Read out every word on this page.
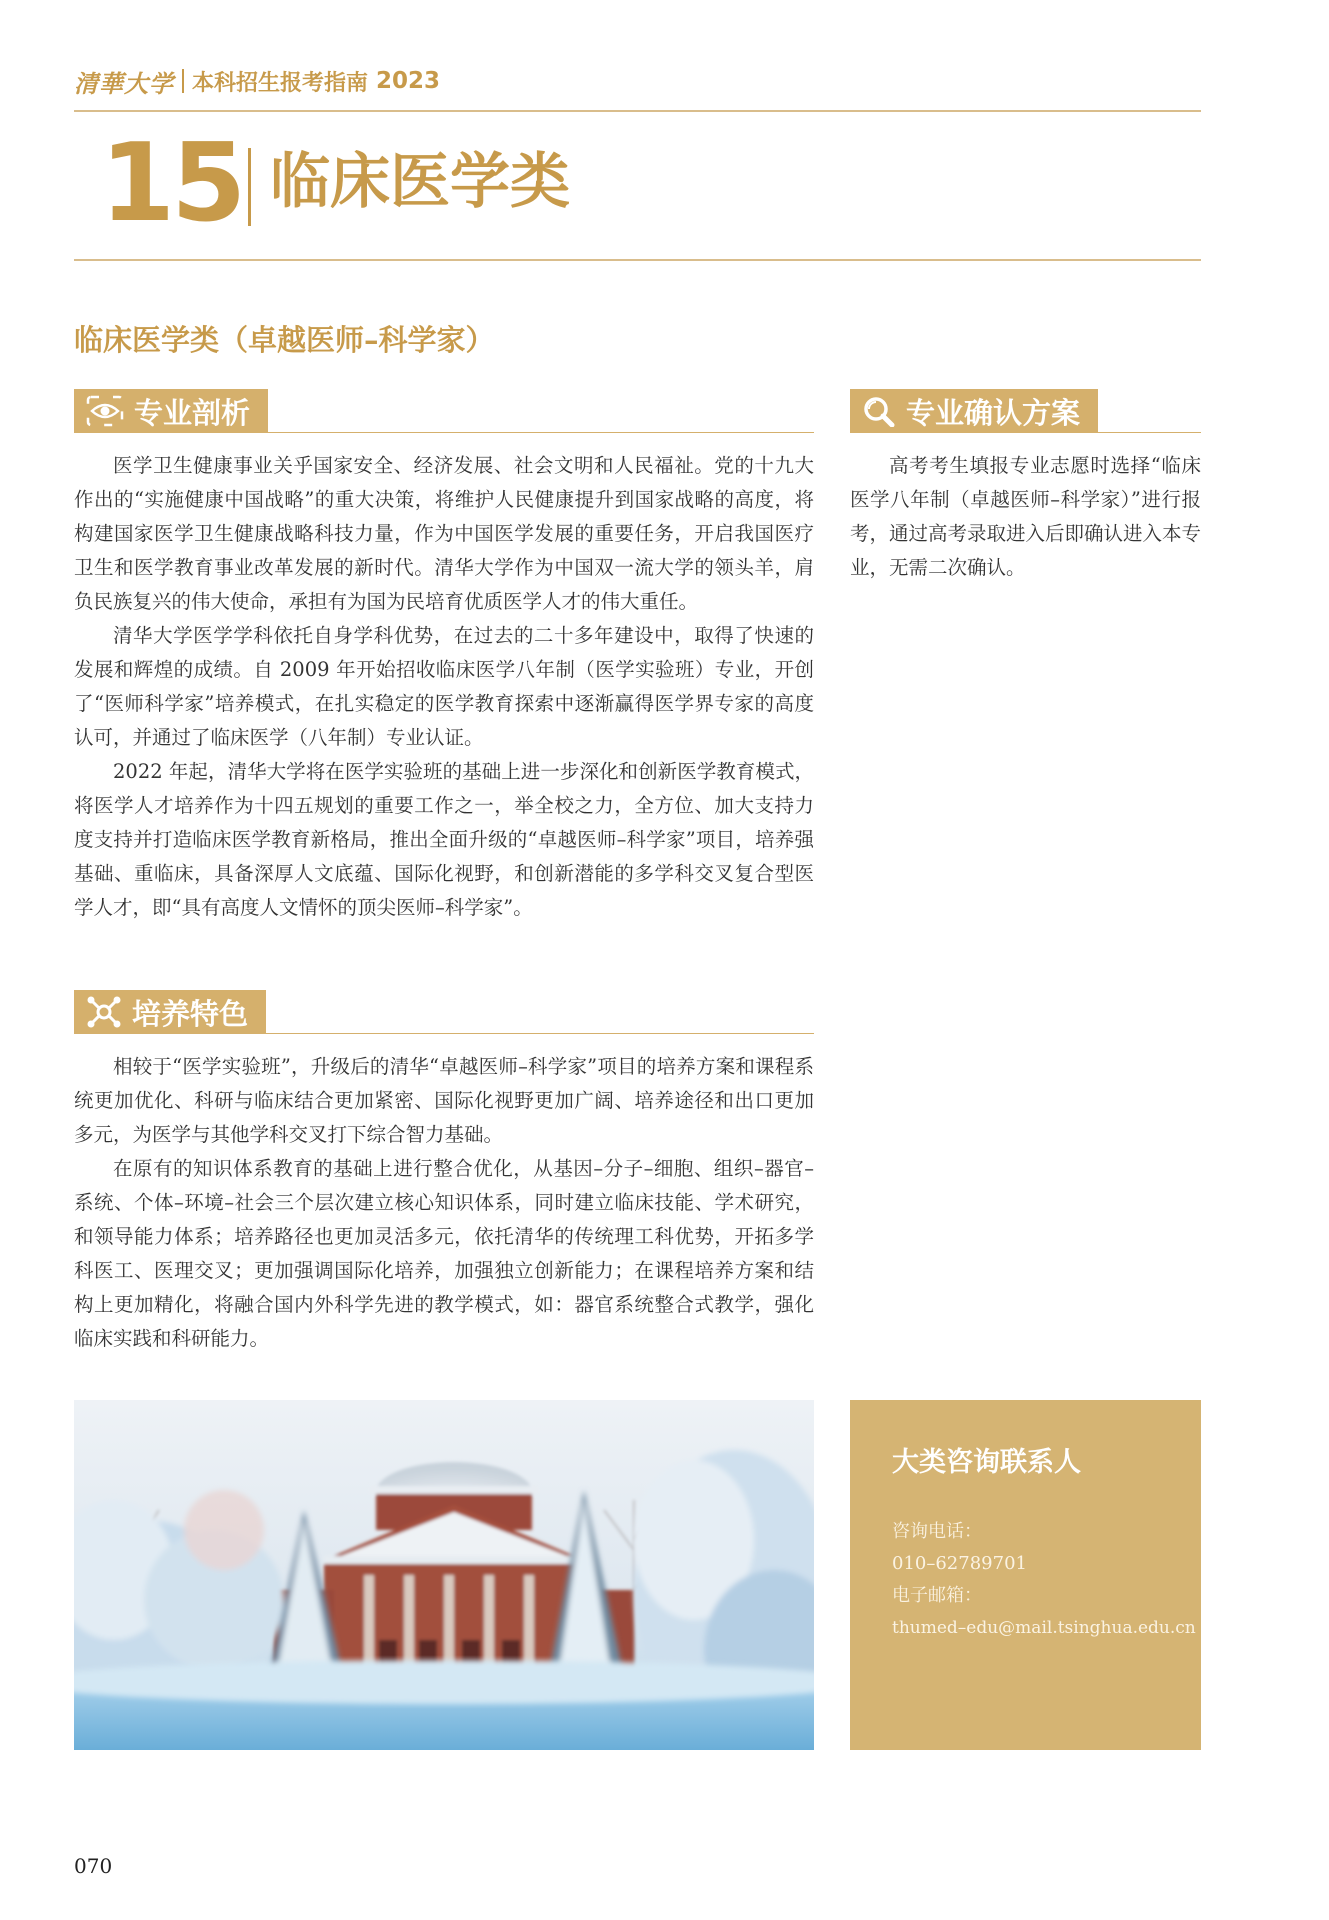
清華大学 本科招生报考指南 2023
15 临床医学类
临床医学类（卓越医师–科学家）
专业剖析

医学卫生健康事业关乎国家安全、经济发展、社会文明和人民福祉。党的十九大作出的“实施健康中国战略”的重大决策，将维护人民健康提升到国家战略的高度，将构建国家医学卫生健康战略科技力量，作为中国医学发展的重要任务，开启我国医疗卫生和医学教育事业改革发展的新时代。清华大学作为中国双一流大学的领头羊，肩负民族复兴的伟大使命，承担有为国为民培育优质医学人才的伟大重任。

清华大学医学学科依托自身学科优势，在过去的二十多年建设中，取得了快速的发展和辉煌的成绩。自 2009 年开始招收临床医学八年制（医学实验班）专业，开创了“医师科学家”培养模式，在扎实稳定的医学教育探索中逐渐赢得医学界专家的高度认可，并通过了临床医学（八年制）专业认证。

2022 年起，清华大学将在医学实验班的基础上进一步深化和创新医学教育模式，将医学人才培养作为十四五规划的重要工作之一，举全校之力，全方位、加大支持力度支持并打造临床医学教育新格局，推出全面升级的“卓越医师–科学家”项目，培养强基础、重临床，具备深厚人文底蕴、国际化视野，和创新潜能的多学科交叉复合型医学人才，即“具有高度人文情怀的顶尖医师–科学家”。

培养特色

相较于“医学实验班”，升级后的清华“卓越医师–科学家”项目的培养方案和课程系统更加优化、科研与临床结合更加紧密、国际化视野更加广阔、培养途径和出口更加多元，为医学与其他学科交叉打下综合智力基础。

在原有的知识体系教育的基础上进行整合优化，从基因–分子–细胞、组织–器官–系统、个体–环境–社会三个层次建立核心知识体系，同时建立临床技能、学术研究，和领导能力体系；培养路径也更加灵活多元，依托清华的传统理工科优势，开拓多学科医工、医理交叉；更加强调国际化培养，加强独立创新能力；在课程培养方案和结构上更加精化，将融合国内外科学先进的教学模式，如：器官系统整合式教学，强化临床实践和科研能力。

专业确认方案

高考考生填报专业志愿时选择“临床医学八年制（卓越医师–科学家）”进行报考，通过高考录取进入后即确认进入本专业，无需二次确认。

大类咨询联系人
咨询电话：
010–62789701
电子邮箱：
thumed–edu@mail.tsinghua.edu.cn
070
